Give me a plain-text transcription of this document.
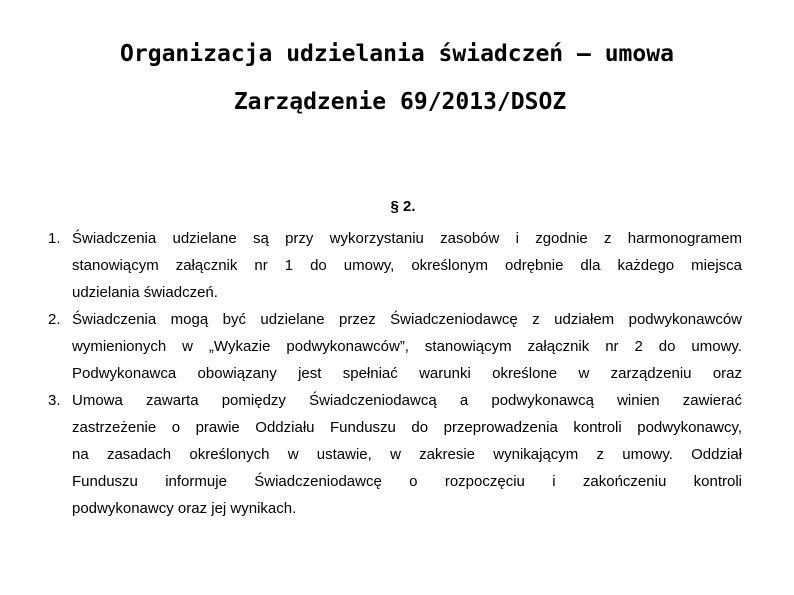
Organizacja udzielania świadczeń – umowa
Zarządzenie 69/2013/DSOZ

§ 2.

1. Świadczenia udzielane są przy wykorzystaniu zasobów i zgodnie z harmonogramem
stanowiącym załącznik nr 1 do umowy, określonym odrębnie dla każdego miejsca
udzielania świadczeń.
2. Świadczenia mogą być udzielane przez Świadczeniodawcę z udziałem podwykonawców
wymienionych w „Wykazie podwykonawców”, stanowiącym załącznik nr 2 do umowy.
Podwykonawca obowiązany jest spełniać warunki określone w zarządzeniu oraz
3. Umowa zawarta pomiędzy Świadczeniodawcą a podwykonawcą winien zawierać
zastrzeżenie o prawie Oddziału Funduszu do przeprowadzenia kontroli podwykonawcy,
na zasadach określonych w ustawie, w zakresie wynikającym z umowy. Oddział
Funduszu informuje Świadczeniodawcę o rozpoczęciu i zakończeniu kontroli
podwykonawcy oraz jej wynikach.
